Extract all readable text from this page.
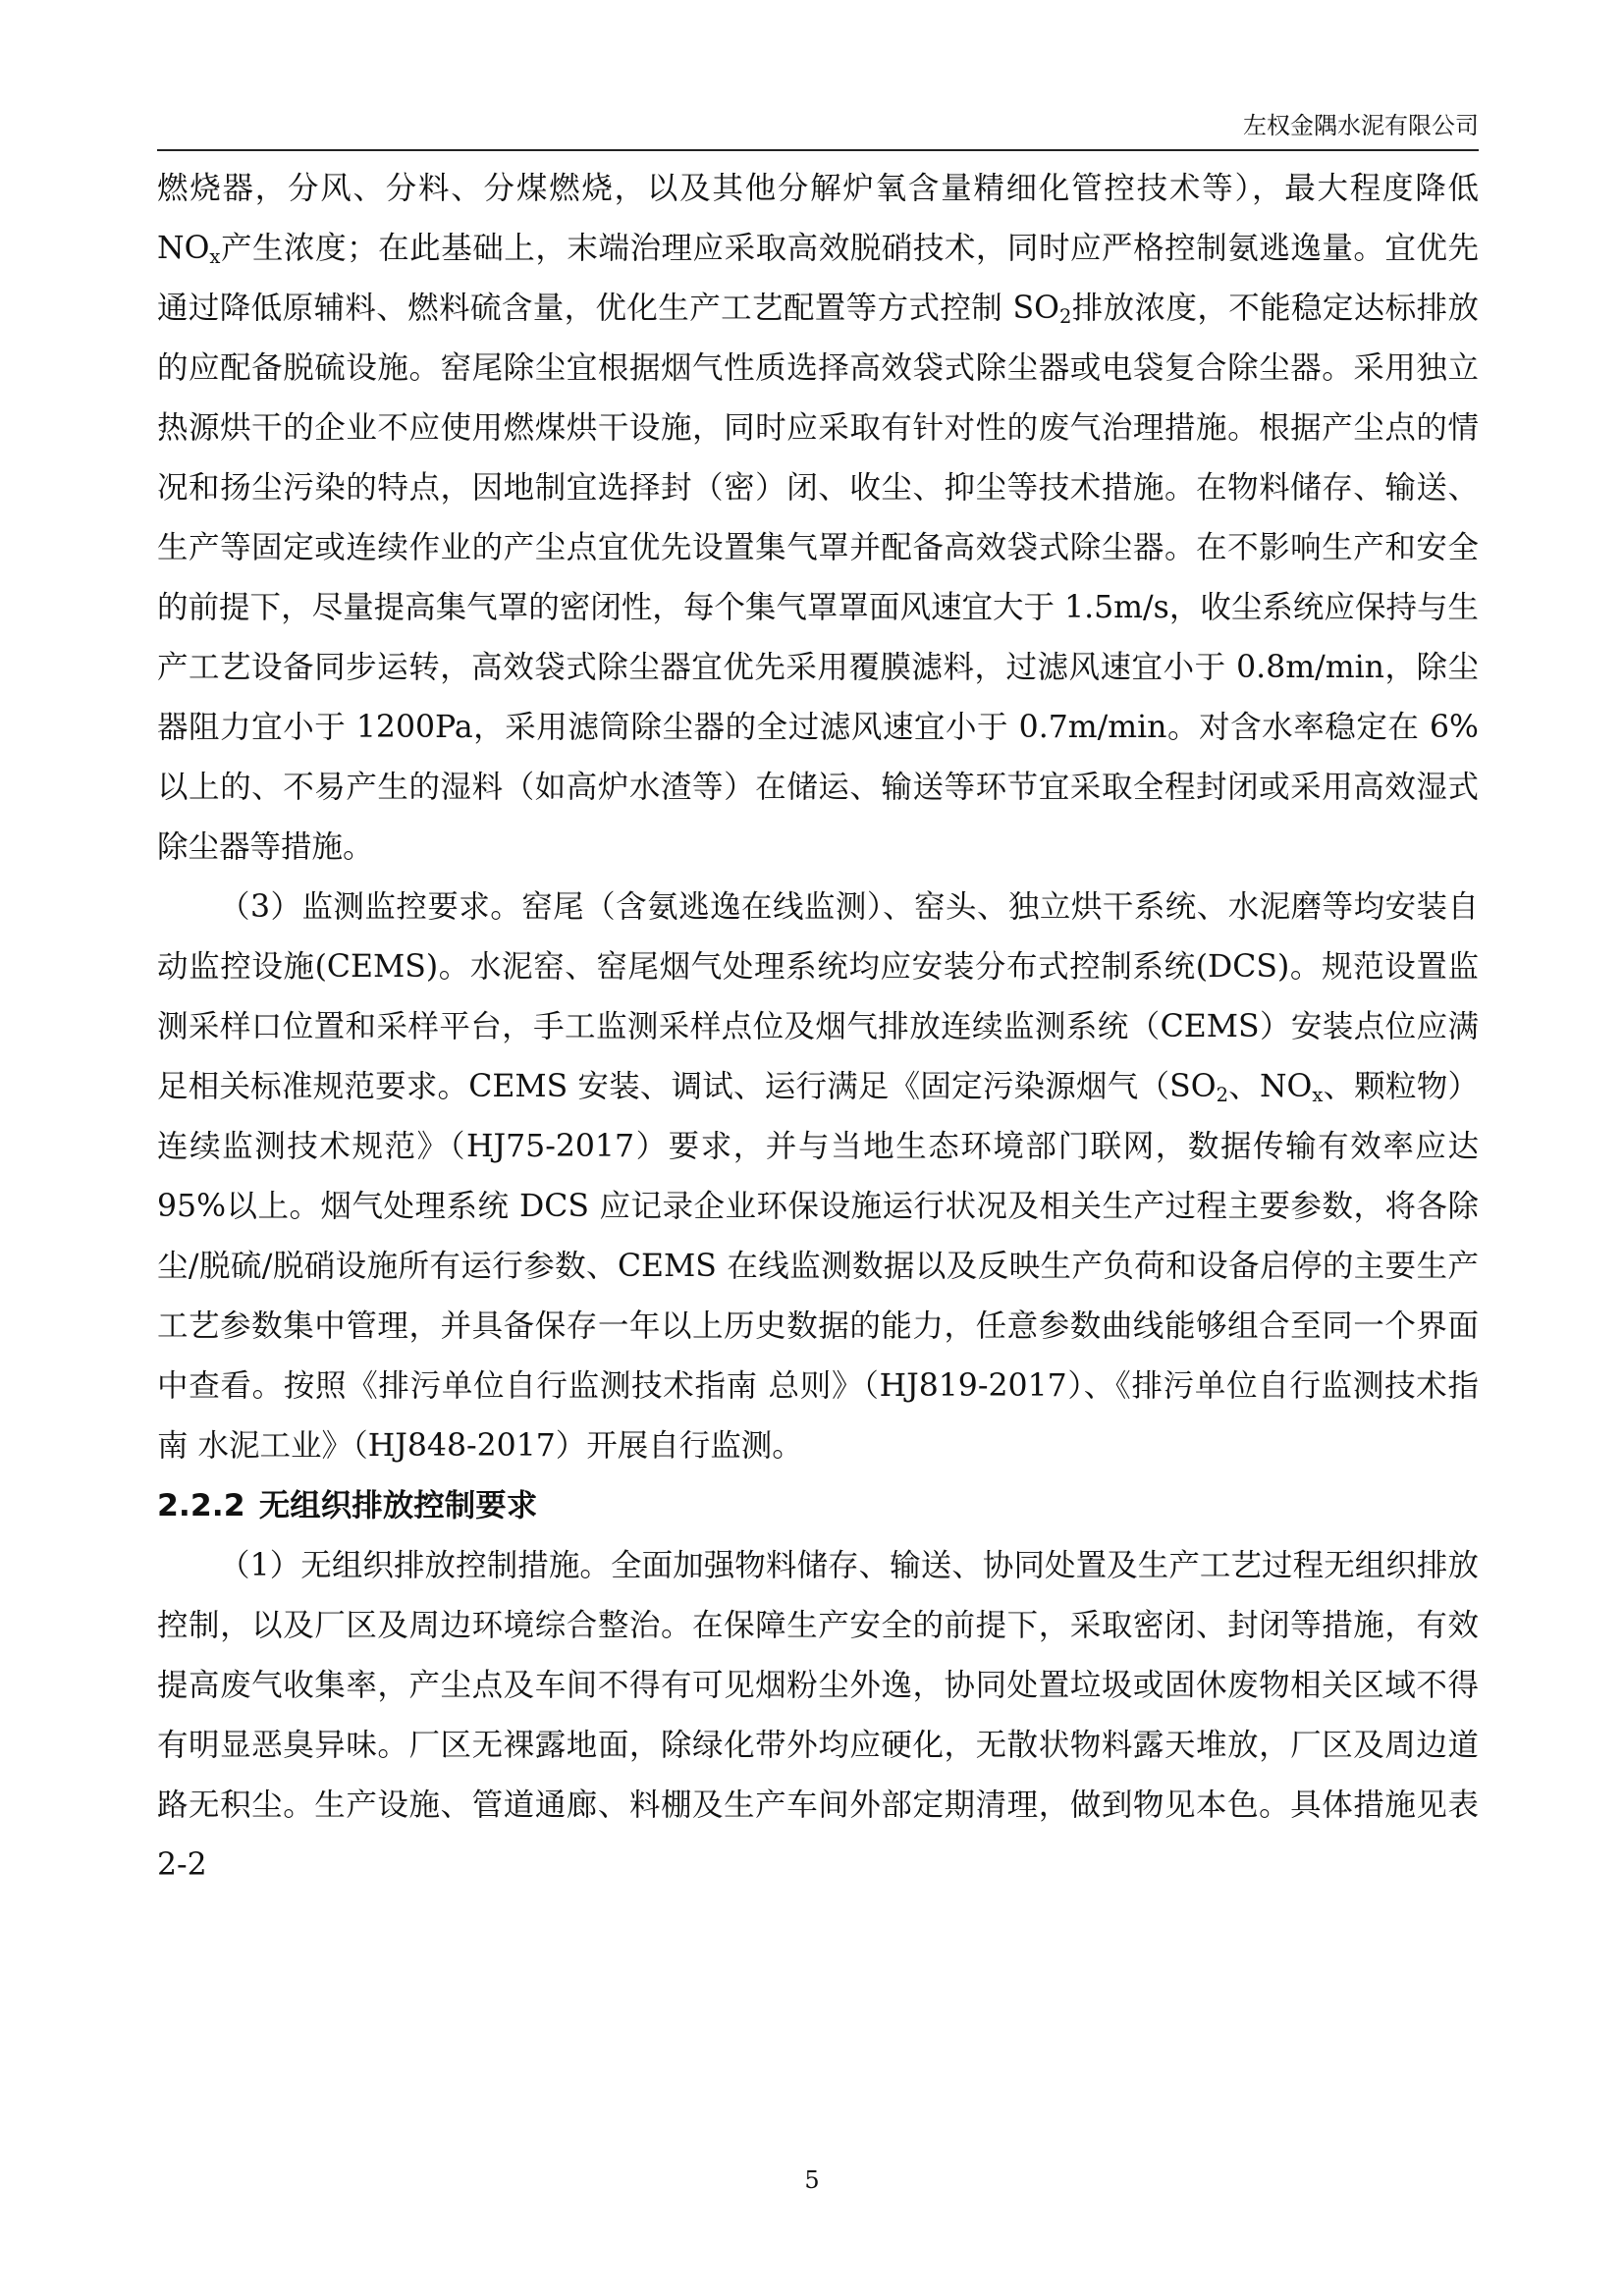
左权金隅水泥有限公司

燃烧器，分风、分料、分煤燃烧，以及其他分解炉氧含量精细化管控技术等），最大程度降低 $NO_x$产生浓度；在此基础上，末端治理应采取高效脱硝技术，同时应严格控制氨逃逸量。宜优先通过降低原辅料、燃料硫含量，优化生产工艺配置等方式控制 $SO_2$排放浓度，不能稳定达标排放的应配备脱硫设施。窑尾除尘宜根据烟气性质选择高效袋式除尘器或电袋复合除尘器。采用独立热源烘干的企业不应使用燃煤烘干设施，同时应采取有针对性的废气治理措施。根据产尘点的情况和扬尘污染的特点，因地制宜选择封（密）闭、收尘、抑尘等技术措施。在物料储存、输送、生产等固定或连续作业的产尘点宜优先设置集气罩并配备高效袋式除尘器。在不影响生产和安全的前提下，尽量提高集气罩的密闭性，每个集气罩罩面风速宜大于 1.5m/s，收尘系统应保持与生产工艺设备同步运转，高效袋式除尘器宜优先采用覆膜滤料，过滤风速宜小于 0.8m/min，除尘器阻力宜小于 1200Pa，采用滤筒除尘器的全过滤风速宜小于 0.7m/min。对含水率稳定在 6%以上的、不易产生的湿料（如高炉水渣等）在储运、输送等环节宜采取全程封闭或采用高效湿式除尘器等措施。

（3）监测监控要求。窑尾（含氨逃逸在线监测）、窑头、独立烘干系统、水泥磨等均安装自动监控设施(CEMS)。水泥窑、窑尾烟气处理系统均应安装分布式控制系统(DCS)。规范设置监测采样口位置和采样平台，手工监测采样点位及烟气排放连续监测系统（CEMS）安装点位应满足相关标准规范要求。CEMS 安装、调试、运行满足《固定污染源烟气（$SO_2$、$NO_x$、颗粒物）连续监测技术规范》（HJ75-2017）要求，并与当地生态环境部门联网，数据传输有效率应达 95%以上。烟气处理系统 DCS 应记录企业环保设施运行状况及相关生产过程主要参数，将各除尘/脱硫/脱硝设施所有运行参数、CEMS 在线监测数据以及反映生产负荷和设备启停的主要生产工艺参数集中管理，并具备保存一年以上历史数据的能力，任意参数曲线能够组合至同一个界面中查看。按照《排污单位自行监测技术指南 总则》（HJ819-2017）、《排污单位自行监测技术指南 水泥工业》（HJ848-2017）开展自行监测。

2.2.2 无组织排放控制要求

（1）无组织排放控制措施。全面加强物料储存、输送、协同处置及生产工艺过程无组织排放控制，以及厂区及周边环境综合整治。在保障生产安全的前提下，采取密闭、封闭等措施，有效提高废气收集率，产尘点及车间不得有可见烟粉尘外逸，协同处置垃圾或固休废物相关区域不得有明显恶臭异味。厂区无裸露地面，除绿化带外均应硬化，无散状物料露天堆放，厂区及周边道路无积尘。生产设施、管道通廊、料棚及生产车间外部定期清理，做到物见本色。具体措施见表 2-2

5
